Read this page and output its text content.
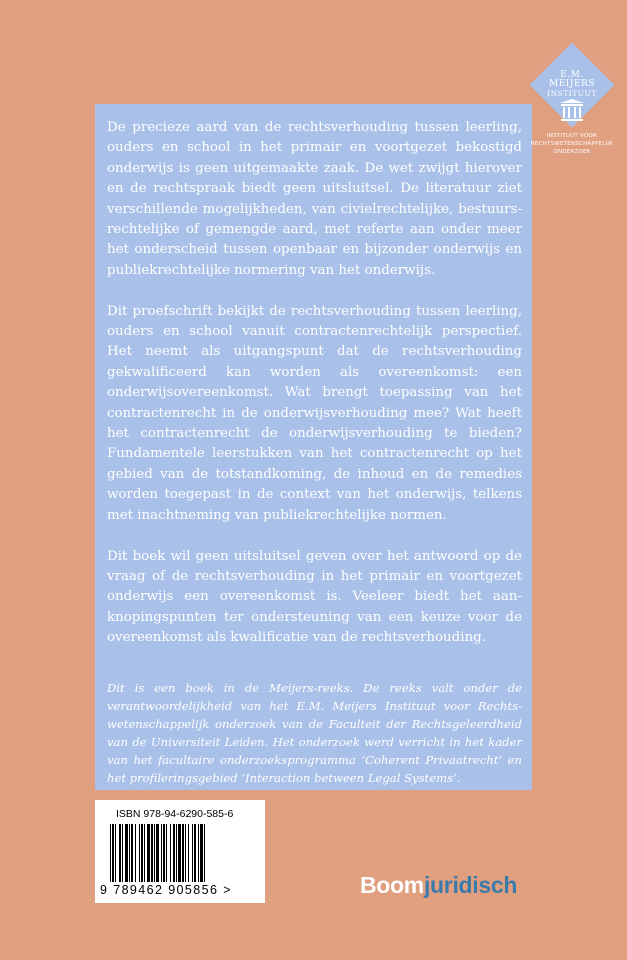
De precieze aard van de rechtsverhouding tussen leerling, ouders en school in het primair en voortgezet bekostigd onderwijs is geen uitgemaakte zaak. De wet zwijgt hierover en de rechtspraak biedt geen uitsluitsel. De literatuur ziet verschillende mogelijkheden, van civielrechtelijke, bestuursrechtelijke of gemengde aard, met referte aan onder meer het onderscheid tussen openbaar en bijzonder onderwijs en publiekrechtelijke normering van het onderwijs.

Dit proefschrift bekijkt de rechtsverhouding tussen leerling, ouders en school vanuit contractenrechtelijk perspectief. Het neemt als uitgangspunt dat de rechtsverhouding gekwalificeerd kan worden als overeenkomst: een onderwijsovereenkomst. Wat brengt toepassing van het contractenrecht in de onderwijsverhouding mee? Wat heeft het contractenrecht de onderwijsverhouding te bieden? Fundamentele leerstukken van het contractenrecht op het gebied van de totstandkoming, de inhoud en de remedies worden toegepast in de context van het onderwijs, telkens met inachtneming van publiekrechtelijke normen.

Dit boek wil geen uitsluitsel geven over het antwoord op de vraag of de rechtsverhouding in het primair en voortgezet onderwijs een overeenkomst is. Veeleer biedt het aanknopingspunten ter ondersteuning van een keuze voor de overeenkomst als kwalificatie van de rechtsverhouding.

Dit is een boek in de Meijers-reeks. De reeks valt onder de verantwoordelijkheid van het E.M. Meijers Instituut voor Rechtswetenschappelijk onderzoek van de Faculteit der Rechtsgeleerdheid van de Universiteit Leiden. Het onderzoek werd verricht in het kader van het facultaire onderzoeksprogramma ‘Coherent Privaatrecht’ en het profileringsgebied ‘Interaction between Legal Systems’.

E.M.
MEIJERS
INSTITUUT
INSTITUUT VOOR
RECHTSWETENSCHAPPELIJK
ONDERZOEK
ISBN 978-94-6290-585-6
9 789462 905856 >	Boomjuridisch
